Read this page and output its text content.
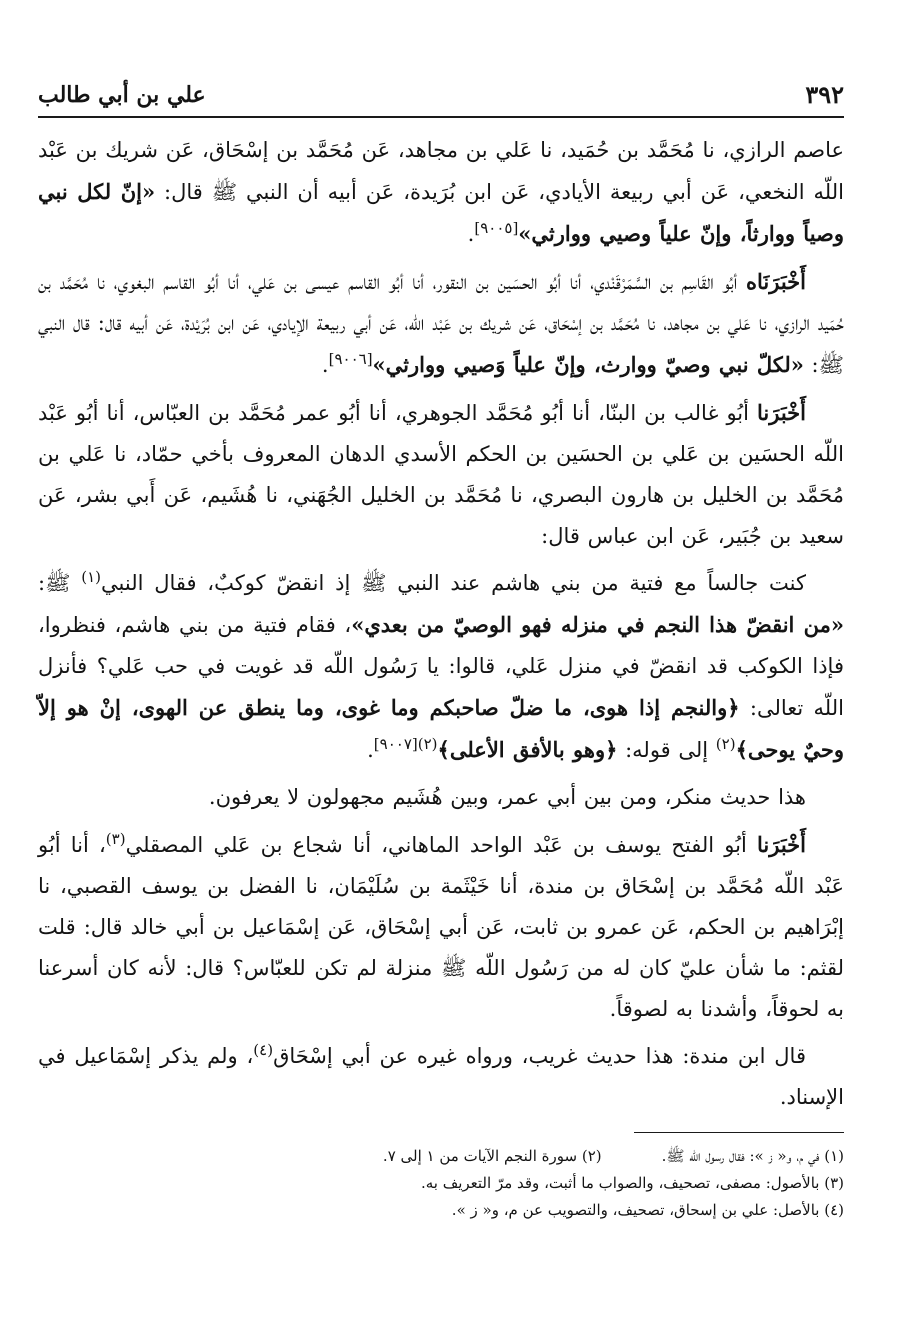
٣٩٢
علي بن أبي طالب

عاصم الرازي، نا مُحَمَّد بن حُمَيد، نا عَلي بن مجاهد، عَن مُحَمَّد بن إسْحَاق، عَن شريك بن عَبْد اللّه النخعي، عَن أبي ربيعة الأيادي، عَن ابن بُرَيدة، عَن أبيه أن النبي ﷺ قال: «إنّ لكل نبي وصياً ووارثاً، وإنّ علياً وصيي ووارثي»[٩٠٠٥].

أَخْبَرَنَاه أبُو القَاسِم بن السَّمَرْقَنْدي، أنا أبُو الحسَين بن النقور، أنا أبُو القاسم عيسى بن عَلي، أنا أبُو القاسم البغوي، نا مُحَمَّد بن حُمَيد الرازي، نا عَلي بن مجاهد، نا مُحَمَّد بن إسْحَاق، عَن شريك بن عَبْد اللّه، عَن أبي ربيعة الإيادي، عَن ابن بُرَيْدة، عَن أبيه قال: قال النبي ﷺ: «لكلّ نبي وصيّ ووارث، وإنّ علياً وَصيي ووارثي»[٩٠٠٦].

أَخْبَرَنا أبُو غالب بن البنّا، أنا أبُو مُحَمَّد الجوهري، أنا أبُو عمر مُحَمَّد بن العبّاس، أنا أبُو عَبْد اللّه الحسَين بن عَلي بن الحسَين بن الحكم الأسدي الدهان المعروف بأخي حمّاد، نا عَلي بن مُحَمَّد بن الخليل بن هارون البصري، نا مُحَمَّد بن الخليل الجُهَني، نا هُشَيم، عَن أَبي بشر، عَن سعيد بن جُبَير، عَن ابن عباس قال:

كنت جالساً مع فتية من بني هاشم عند النبي ﷺ إذ انقضّ كوكبٌ، فقال النبي$^{(١)}$ ﷺ: «من انقضّ هذا النجم في منزله فهو الوصيّ من بعدي»، فقام فتية من بني هاشم، فنظروا، فإذا الكوكب قد انقضّ في منزل عَلي، قالوا: يا رَسُول اللّه قد غويت في حب عَلي؟ فأنزل اللّه تعالى: ﴿والنجم إذا هوى، ما ضلّ صاحبكم وما غوى، وما ينطق عن الهوى، إنْ هو إلاّ وحيٌ يوحى﴾$^{(٢)}$ إلى قوله: ﴿وهو بالأفق الأعلى﴾$^{(٢)[٩٠٠٧]}$.

هذا حديث منكر، ومن بين أبي عمر، وبين هُشَيم مجهولون لا يعرفون.

أَخْبَرَنا أبُو الفتح يوسف بن عَبْد الواحد الماهاني، أنا شجاع بن عَلي المصقلي$^{(٣)}$، أنا أبُو عَبْد اللّه مُحَمَّد بن إسْحَاق بن مندة، أنا خَيْثَمة بن سُلَيْمَان، نا الفضل بن يوسف القصبي، نا إبْرَاهيم بن الحكم، عَن عمرو بن ثابت، عَن أبي إسْحَاق، عَن إسْمَاعيل بن أبي خالد قال: قلت لقثم: ما شأن عليّ كان له من رَسُول اللّه ﷺ منزلة لم تكن للعبّاس؟ قال: لأنه كان أسرعنا به لحوقاً، وأشدنا به لصوقاً.

قال ابن مندة: هذا حديث غريب، ورواه غيره عن أبي إسْحَاق$^{(٤)}$، ولم يذكر إسْمَاعيل في الإسناد.

(١) في م، و« ز »: فقال رسول اللّه ﷺ.
(٢) سورة النجم الآيات من ١ إلى ٧.
(٣) بالأصول: مصفى، تصحيف، والصواب ما أثبت، وقد مرّ التعريف به.
(٤) بالأصل: علي بن إسحاق، تصحيف، والتصويب عن م، و« ز ».
